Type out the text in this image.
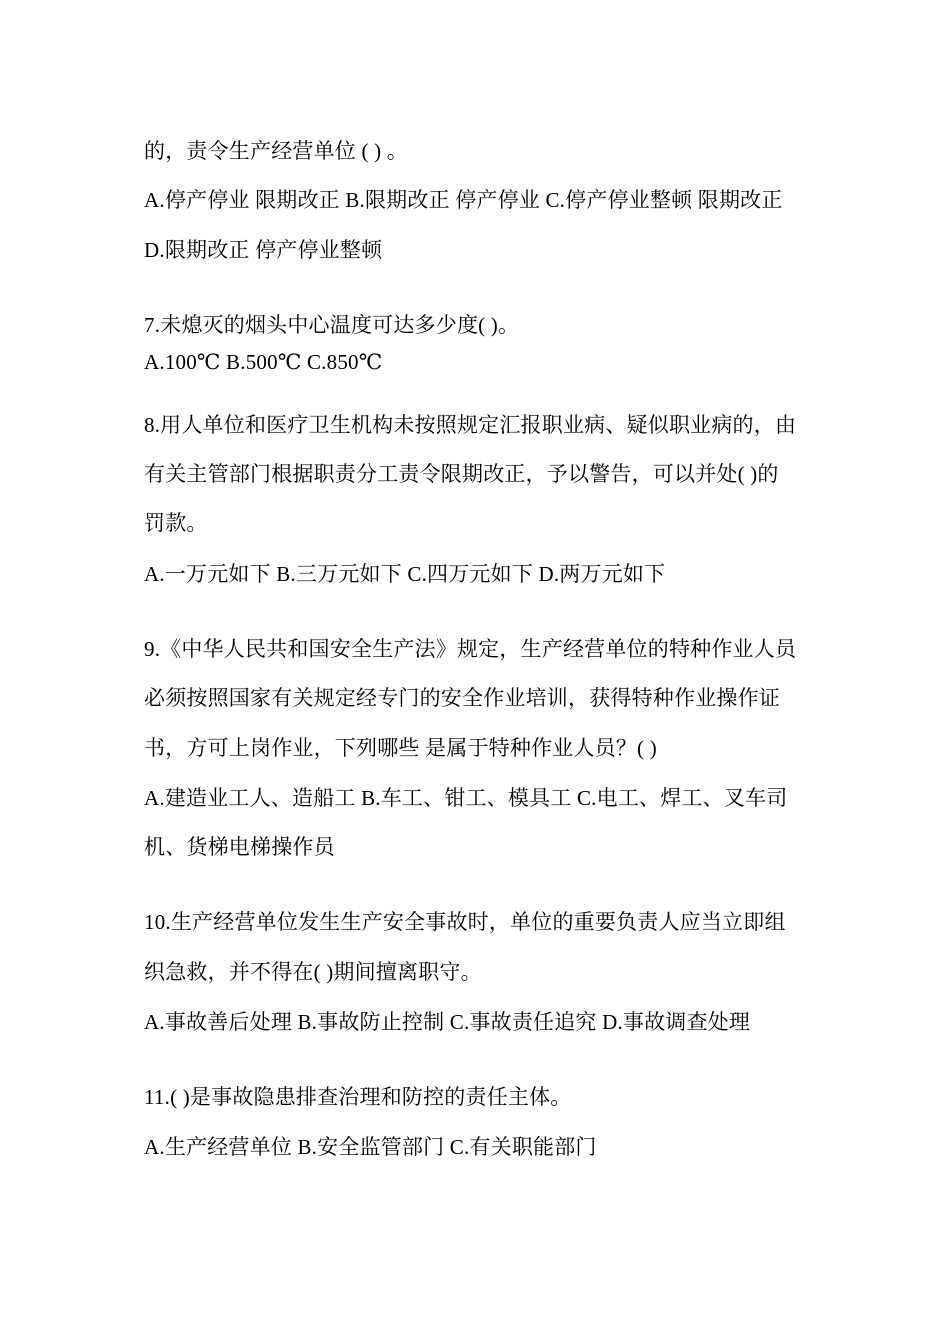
的，责令生产经营单位 ( ) 。
A.停产停业 限期改正 B.限期改正 停产停业 C.停产停业整顿 限期改正
D.限期改正 停产停业整顿
7.未熄灭的烟头中心温度可达多少度( )。
A.100℃ B.500℃ C.850℃
8.用人单位和医疗卫生机构未按照规定汇报职业病、疑似职业病的，由
有关主管部门根据职责分工责令限期改正，予以警告，可以并处( )的
罚款。
A.一万元如下 B.三万元如下 C.四万元如下 D.两万元如下
9.《中华人民共和国安全生产法》规定，生产经营单位的特种作业人员
必须按照国家有关规定经专门的安全作业培训，获得特种作业操作证
书，方可上岗作业，下列哪些 是属于特种作业人员？( )
A.建造业工人、造船工 B.车工、钳工、模具工 C.电工、焊工、叉车司
机、货梯电梯操作员
10.生产经营单位发生生产安全事故时，单位的重要负责人应当立即组
织急救，并不得在( )期间擅离职守。
A.事故善后处理 B.事故防止控制 C.事故责任追究 D.事故调查处理
11.( )是事故隐患排查治理和防控的责任主体。
A.生产经营单位 B.安全监管部门 C.有关职能部门
